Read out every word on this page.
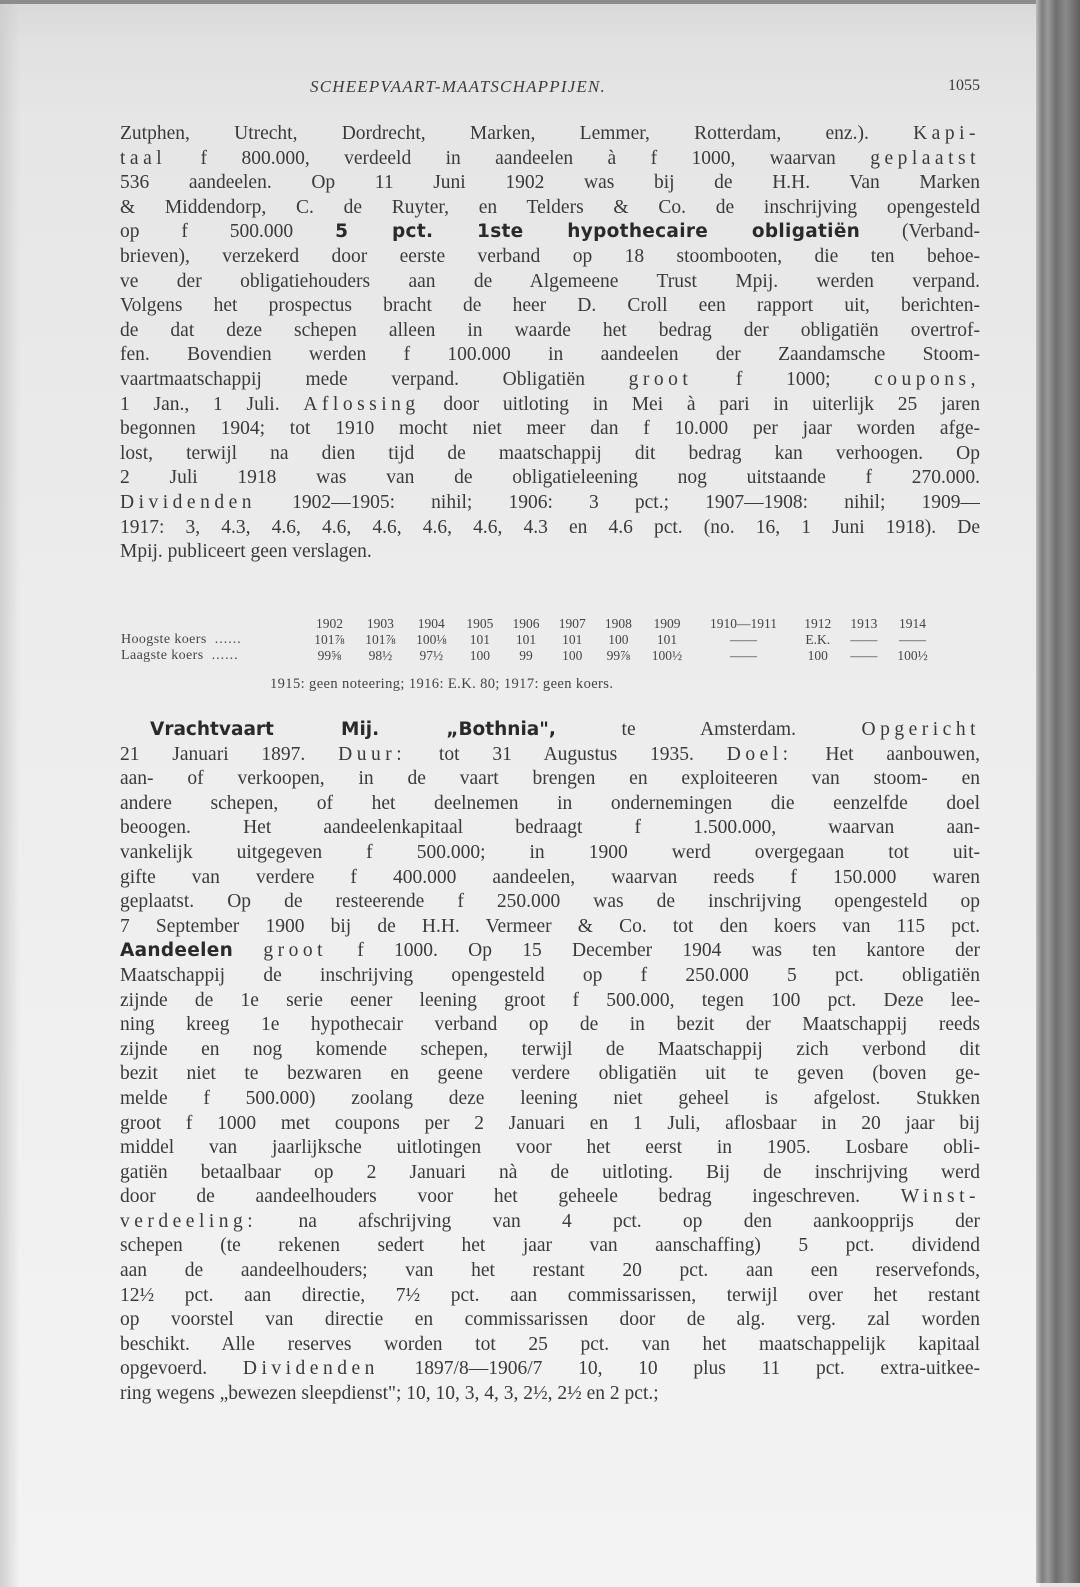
SCHEEPVAART-MAATSCHAPPIJEN.	1055
Zutphen, Utrecht, Dordrecht, Marken, Lemmer, Rotterdam, enz.). Kapi-
taal f 800.000, verdeeld in aandeelen à f 1000, waarvan geplaatst
536 aandeelen. Op 11 Juni 1902 was bij de H.H. Van Marken
& Middendorp, C. de Ruyter, en Telders & Co. de inschrijving opengesteld
op f 500.000 5 pct. 1ste hypothecaire obligatiën (Verband-
brieven), verzekerd door eerste verband op 18 stoombooten, die ten behoe-
ve der obligatiehouders aan de Algemeene Trust Mpij. werden verpand.
Volgens het prospectus bracht de heer D. Croll een rapport uit, berichten-
de dat deze schepen alleen in waarde het bedrag der obligatiën overtrof-
fen. Bovendien werden f 100.000 in aandeelen der Zaandamsche Stoom-
vaartmaatschappij mede verpand. Obligatiën groot f 1000; coupons,
1 Jan., 1 Juli. Aflossing door uitloting in Mei à pari in uiterlijk 25 jaren
begonnen 1904; tot 1910 mocht niet meer dan f 10.000 per jaar worden afge-
lost, terwijl na dien tijd de maatschappij dit bedrag kan verhoogen. Op
2 Juli 1918 was van de obligatieleening nog uitstaande f 270.000.
Dividenden 1902—1905: nihil; 1906: 3 pct.; 1907—1908: nihil; 1909—
1917: 3, 4.3, 4.6, 4.6, 4.6, 4.6, 4.6, 4.3 en 4.6 pct. (no. 16, 1 Juni 1918). De
Mpij. publiceert geen verslagen.
	1902	1903	1904	1905	1906	1907	1908	1909	1910—1911	1912	1913	1914
Hoogste koers ......	101⅞	101⅞	100⅛	101	101	101	100	101	——	E.K.	——	——
Laagste koers ......	99⅝	98½	97½	100	99	100	99⅞	100½	——	100	——	100½
1915: geen noteering; 1916: E.K. 80; 1917: geen koers.
Vrachtvaart Mij. „Bothnia", te Amsterdam. Opgericht
21 Januari 1897. Duur: tot 31 Augustus 1935. Doel: Het aanbouwen,
aan- of verkoopen, in de vaart brengen en exploiteeren van stoom- en
andere schepen, of het deelnemen in ondernemingen die eenzelfde doel
beoogen. Het aandeelenkapitaal bedraagt f 1.500.000, waarvan aan-
vankelijk uitgegeven f 500.000; in 1900 werd overgegaan tot uit-
gifte van verdere f 400.000 aandeelen, waarvan reeds f 150.000 waren
geplaatst. Op de resteerende f 250.000 was de inschrijving opengesteld op
7 September 1900 bij de H.H. Vermeer & Co. tot den koers van 115 pct.
Aandeelen groot f 1000. Op 15 December 1904 was ten kantore der
Maatschappij de inschrijving opengesteld op f 250.000 5 pct. obligatiën
zijnde de 1e serie eener leening groot f 500.000, tegen 100 pct. Deze lee-
ning kreeg 1e hypothecair verband op de in bezit der Maatschappij reeds
zijnde en nog komende schepen, terwijl de Maatschappij zich verbond dit
bezit niet te bezwaren en geene verdere obligatiën uit te geven (boven ge-
melde f 500.000) zoolang deze leening niet geheel is afgelost. Stukken
groot f 1000 met coupons per 2 Januari en 1 Juli, aflosbaar in 20 jaar bij
middel van jaarlijksche uitlotingen voor het eerst in 1905. Losbare obli-
gatiën betaalbaar op 2 Januari nà de uitloting. Bij de inschrijving werd
door de aandeelhouders voor het geheele bedrag ingeschreven. Winst-
verdeeling: na afschrijving van 4 pct. op den aankoopprijs der
schepen (te rekenen sedert het jaar van aanschaffing) 5 pct. dividend
aan de aandeelhouders; van het restant 20 pct. aan een reservefonds,
12½ pct. aan directie, 7½ pct. aan commissarissen, terwijl over het restant
op voorstel van directie en commissarissen door de alg. verg. zal worden
beschikt. Alle reserves worden tot 25 pct. van het maatschappelijk kapitaal
opgevoerd. Dividenden 1897/8—1906/7 10, 10 plus 11 pct. extra-uitkee-
ring wegens „bewezen sleepdienst"; 10, 10, 3, 4, 3, 2½, 2½ en 2 pct.;
